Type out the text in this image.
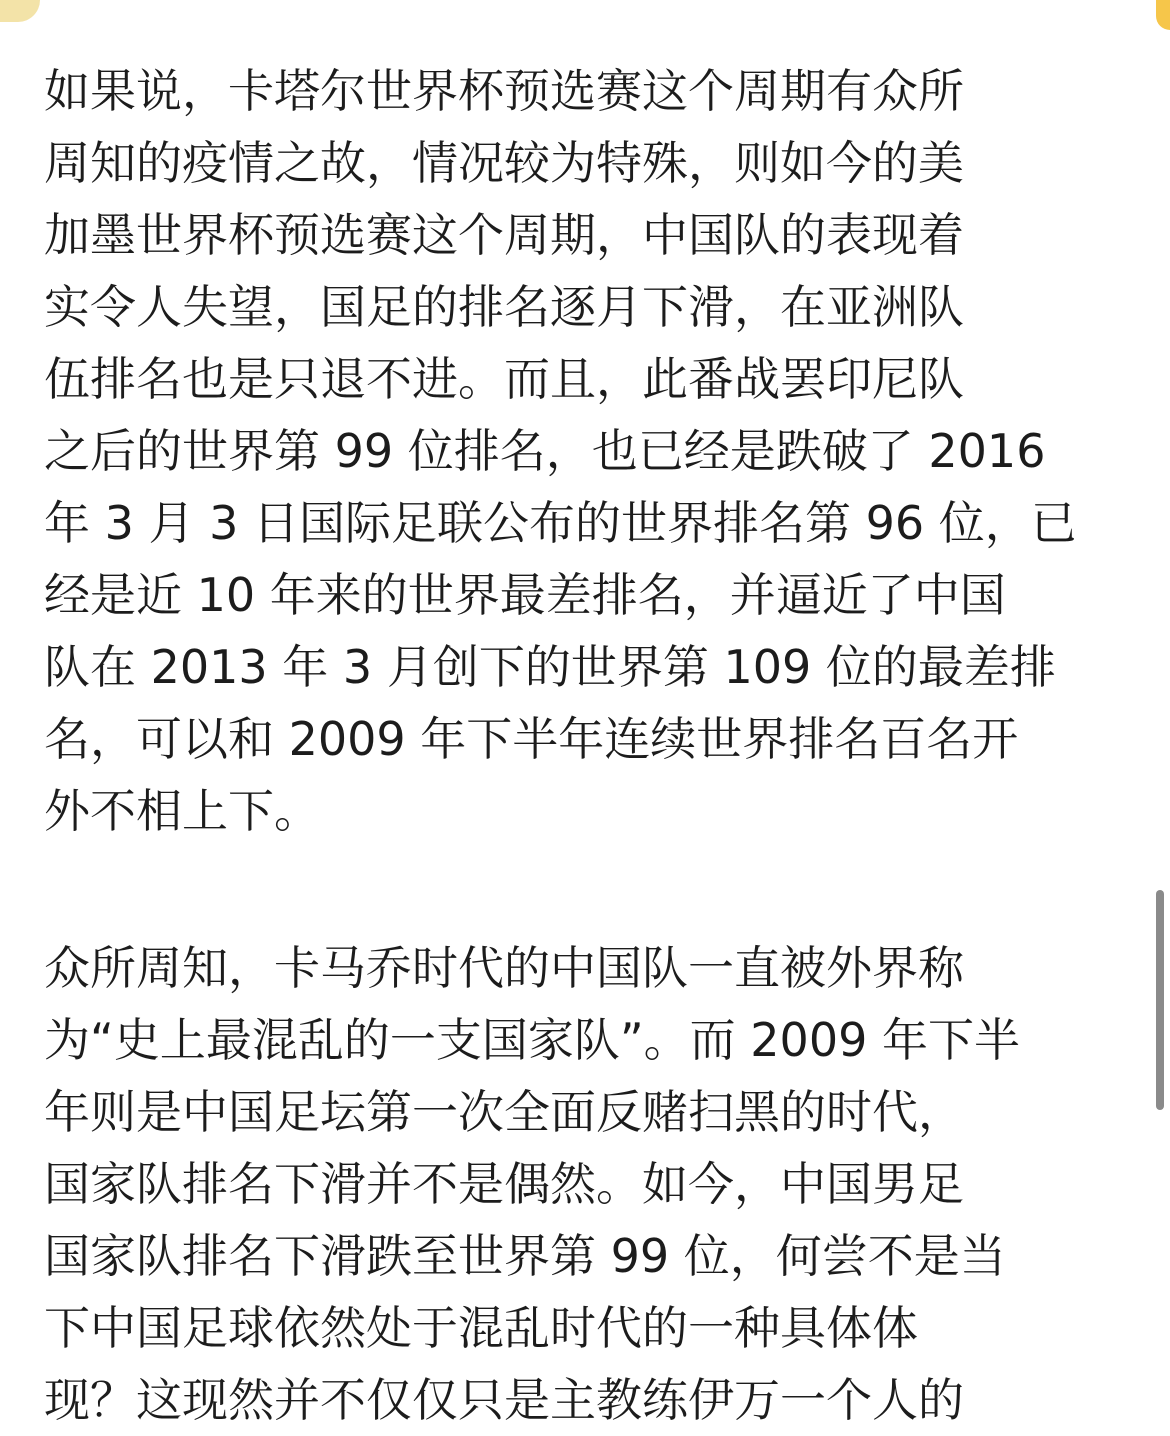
如果说，卡塔尔世界杯预选赛这个周期有众所
周知的疫情之故，情况较为特殊，则如今的美
加墨世界杯预选赛这个周期，中国队的表现着
实令人失望，国足的排名逐月下滑，在亚洲队
伍排名也是只退不进。而且，此番战罢印尼队
之后的世界第 99 位排名，也已经是跌破了 2016
年 3 月 3 日国际足联公布的世界排名第 96 位，已
经是近 10 年来的世界最差排名，并逼近了中国
队在 2013 年 3 月创下的世界第 109 位的最差排
名，可以和 2009 年下半年连续世界排名百名开
外不相上下。
众所周知，卡马乔时代的中国队一直被外界称
为“史上最混乱的一支国家队”。而 2009 年下半
年则是中国足坛第一次全面反赌扫黑的时代，
国家队排名下滑并不是偶然。如今，中国男足
国家队排名下滑跌至世界第 99 位，何尝不是当
下中国足球依然处于混乱时代的一种具体体
现？这现然并不仅仅只是主教练伊万一个人的
